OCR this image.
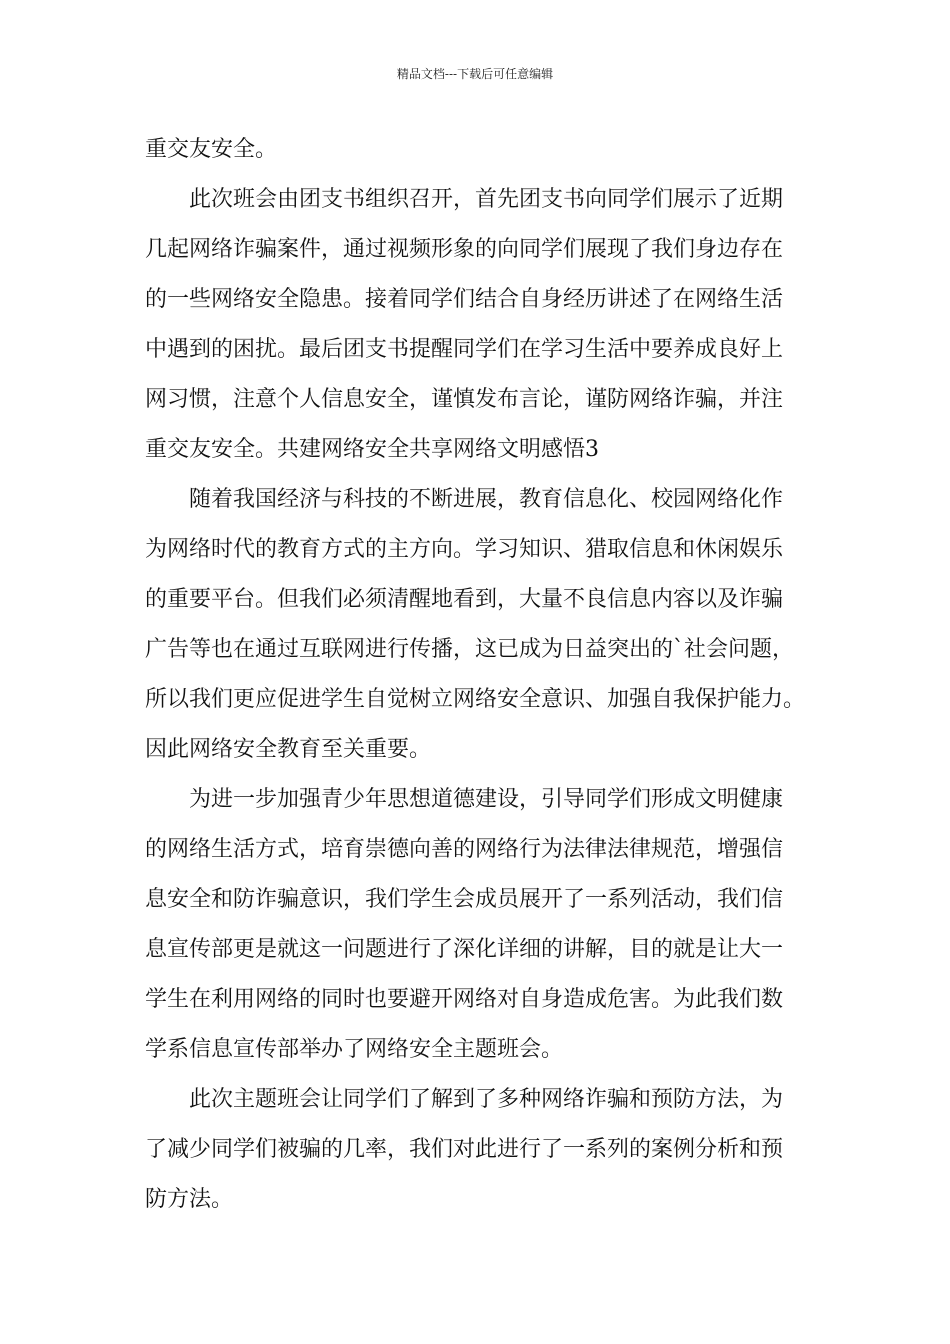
精品文档---下载后可任意编辑
重交友安全。
此次班会由团支书组织召开，首先团支书向同学们展示了近期
几起网络诈骗案件，通过视频形象的向同学们展现了我们身边存在
的一些网络安全隐患。接着同学们结合自身经历讲述了在网络生活
中遇到的困扰。最后团支书提醒同学们在学习生活中要养成良好上
网习惯，注意个人信息安全，谨慎发布言论，谨防网络诈骗，并注
重交友安全。共建网络安全共享网络文明感悟3
随着我国经济与科技的不断进展，教育信息化、校园网络化作
为网络时代的教育方式的主方向。学习知识、猎取信息和休闲娱乐
的重要平台。但我们必须清醒地看到，大量不良信息内容以及诈骗
广告等也在通过互联网进行传播，这已成为日益突出的`社会问题，
所以我们更应促进学生自觉树立网络安全意识、加强自我保护能力。
因此网络安全教育至关重要。
为进一步加强青少年思想道德建设，引导同学们形成文明健康
的网络生活方式，培育崇德向善的网络行为法律法律规范，增强信
息安全和防诈骗意识，我们学生会成员展开了一系列活动，我们信
息宣传部更是就这一问题进行了深化详细的讲解，目的就是让大一
学生在利用网络的同时也要避开网络对自身造成危害。为此我们数
学系信息宣传部举办了网络安全主题班会。
此次主题班会让同学们了解到了多种网络诈骗和预防方法，为
了减少同学们被骗的几率，我们对此进行了一系列的案例分析和预
防方法。
